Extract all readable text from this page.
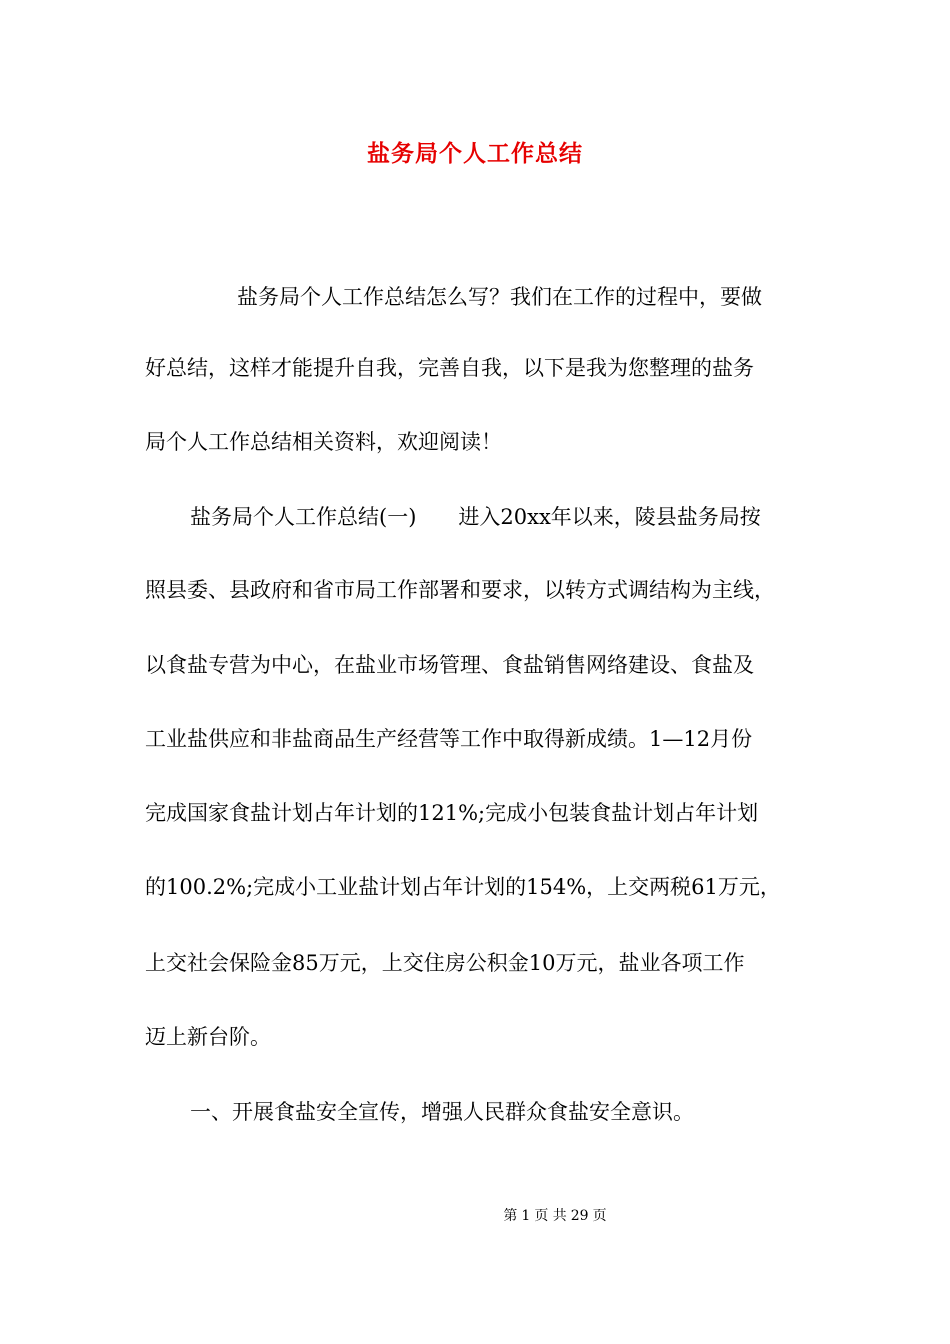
盐务局个人工作总结
盐务局个人工作总结怎么写？我们在工作的过程中，要做
好总结，这样才能提升自我，完善自我，以下是我为您整理的盐务
局个人工作总结相关资料，欢迎阅读！
盐务局个人工作总结(一)　　进入20xx年以来，陵县盐务局按
照县委、县政府和省市局工作部署和要求，以转方式调结构为主线，
以食盐专营为中心，在盐业市场管理、食盐销售网络建设、食盐及
工业盐供应和非盐商品生产经营等工作中取得新成绩。1—12月份
完成国家食盐计划占年计划的121%;完成小包装食盐计划占年计划
的100.2%;完成小工业盐计划占年计划的154%，上交两税61万元，
上交社会保险金85万元，上交住房公积金10万元，盐业各项工作
迈上新台阶。
一、开展食盐安全宣传，增强人民群众食盐安全意识。
第 1 页 共 29 页
